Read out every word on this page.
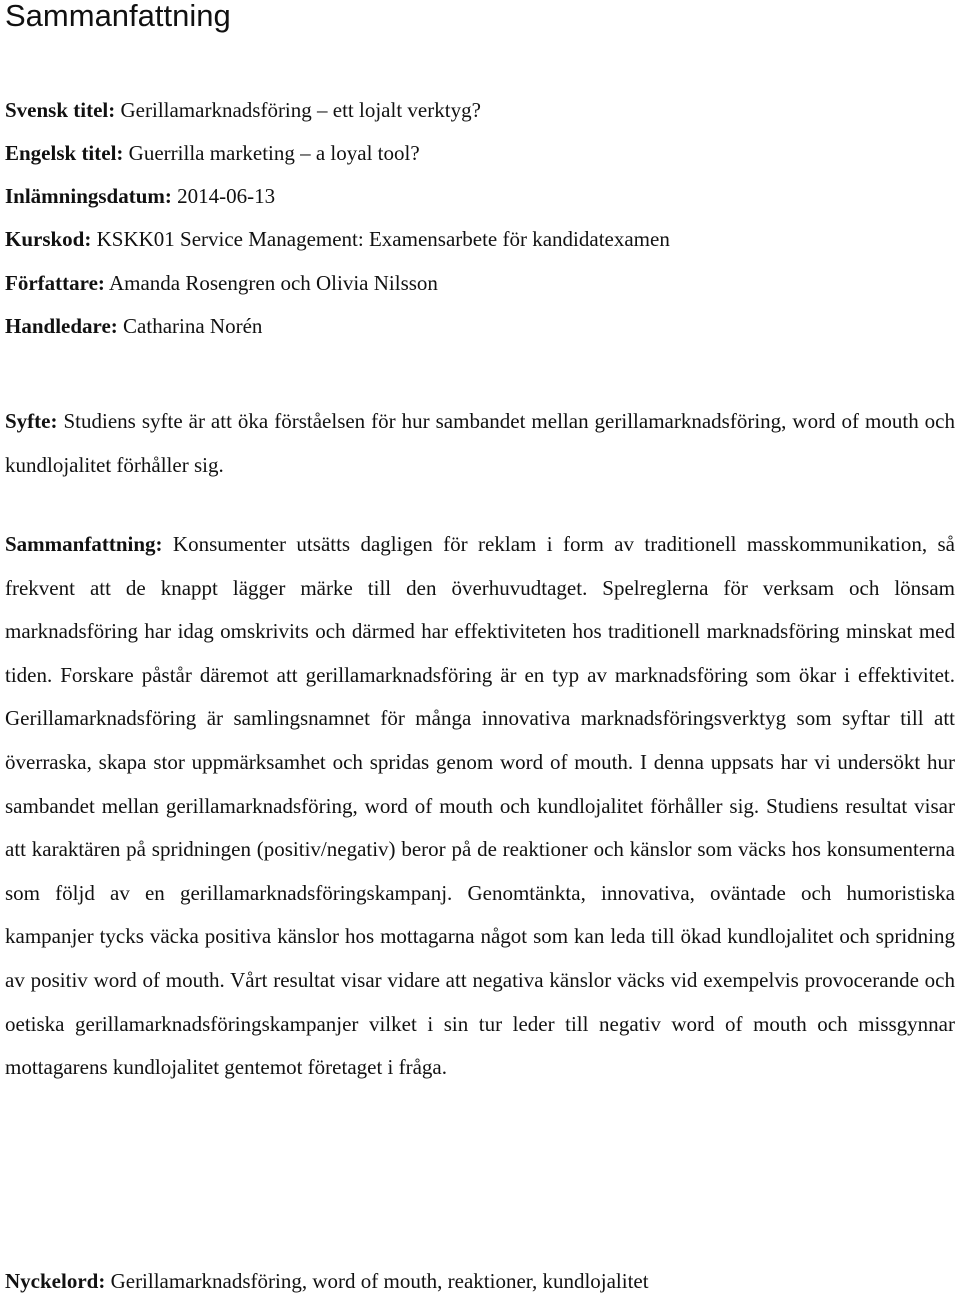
Sammanfattning

Svensk titel: Gerillamarknadsföring – ett lojalt verktyg?

Engelsk titel: Guerrilla marketing – a loyal tool?

Inlämningsdatum: 2014-06-13

Kurskod: KSKK01 Service Management: Examensarbete för kandidatexamen

Författare: Amanda Rosengren och Olivia Nilsson

Handledare: Catharina Norén

Syfte: Studiens syfte är att öka förståelsen för hur sambandet mellan gerillamarknadsföring, word of mouth och kundlojalitet förhåller sig.

Sammanfattning: Konsumenter utsätts dagligen för reklam i form av traditionell masskommunikation, så frekvent att de knappt lägger märke till den överhuvudtaget. Spelreglerna för verksam och lönsam marknadsföring har idag omskrivits och därmed har effektiviteten hos traditionell marknadsföring minskat med tiden. Forskare påstår däremot att gerillamarknadsföring är en typ av marknadsföring som ökar i effektivitet. Gerillamarknadsföring är samlingsnamnet för många innovativa marknadsföringsverktyg som syftar till att överraska, skapa stor uppmärksamhet och spridas genom word of mouth. I denna uppsats har vi undersökt hur sambandet mellan gerillamarknadsföring, word of mouth och kundlojalitet förhåller sig. Studiens resultat visar att karaktären på spridningen (positiv/negativ) beror på de reaktioner och känslor som väcks hos konsumenterna som följd av en gerillamarknadsföringskampanj. Genomtänkta, innovativa, oväntade och humoristiska kampanjer tycks väcka positiva känslor hos mottagarna något som kan leda till ökad kundlojalitet och spridning av positiv word of mouth. Vårt resultat visar vidare att negativa känslor väcks vid exempelvis provocerande och oetiska gerillamarknadsföringskampanjer vilket i sin tur leder till negativ word of mouth och missgynnar mottagarens kundlojalitet gentemot företaget i fråga.

Nyckelord: Gerillamarknadsföring, word of mouth, reaktioner, kundlojalitet
